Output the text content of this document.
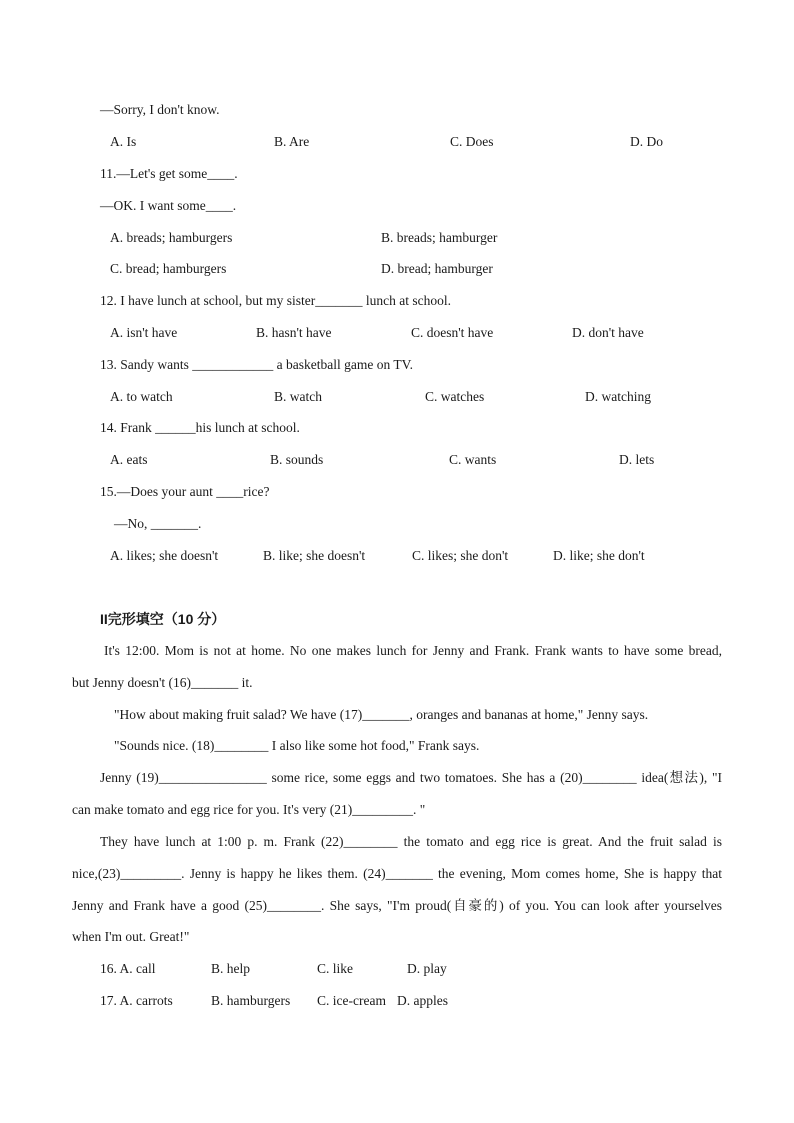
—Sorry, I don't know.
A. Is	B. Are	C. Does	D. Do
11.—Let's get some____.
—OK. I want some____.
A. breads; hamburgers	B. breads; hamburger
C. bread; hamburgers	D. bread; hamburger
12. I have lunch at school, but my sister_______ lunch at school.
A. isn't have	B. hasn't have	C. doesn't have	D. don't have
13. Sandy wants ____________ a basketball game on TV.
A. to watch	B. watch	C. watches	D. watching
14. Frank ______his lunch at school.
A. eats	B. sounds	C. wants	D. lets
15.—Does your aunt ____rice?
—No, _______.
A. likes; she doesn't	B. like; she doesn't	C. likes; she don't	D. like; she don't
II完形填空（10 分）
It's 12:00. Mom is not at home. No one makes lunch for Jenny and Frank. Frank wants to have some bread,
but Jenny doesn't (16)_______ it.
"How about making fruit salad? We have (17)_______, oranges and bananas at home," Jenny says.
"Sounds nice. (18)________ I also like some hot food," Frank says.
Jenny (19)________________ some rice, some eggs and two tomatoes. She has a (20)________ idea(想法), "I
can make tomato and egg rice for you. It's very (21)_________. "
They have lunch at 1:00 p. m. Frank (22)________ the tomato and egg rice is great. And the fruit salad is
nice,(23)_________. Jenny is happy he likes them. (24)_______ the evening, Mom comes home, She is happy that
Jenny and Frank have a good (25)________. She says, "I'm proud(自豪的) of you. You can look after yourselves
when I'm out. Great!"
16. A. call	B. help	C. like	D. play
17. A. carrots	B. hamburgers C. ice-cream D. apples
